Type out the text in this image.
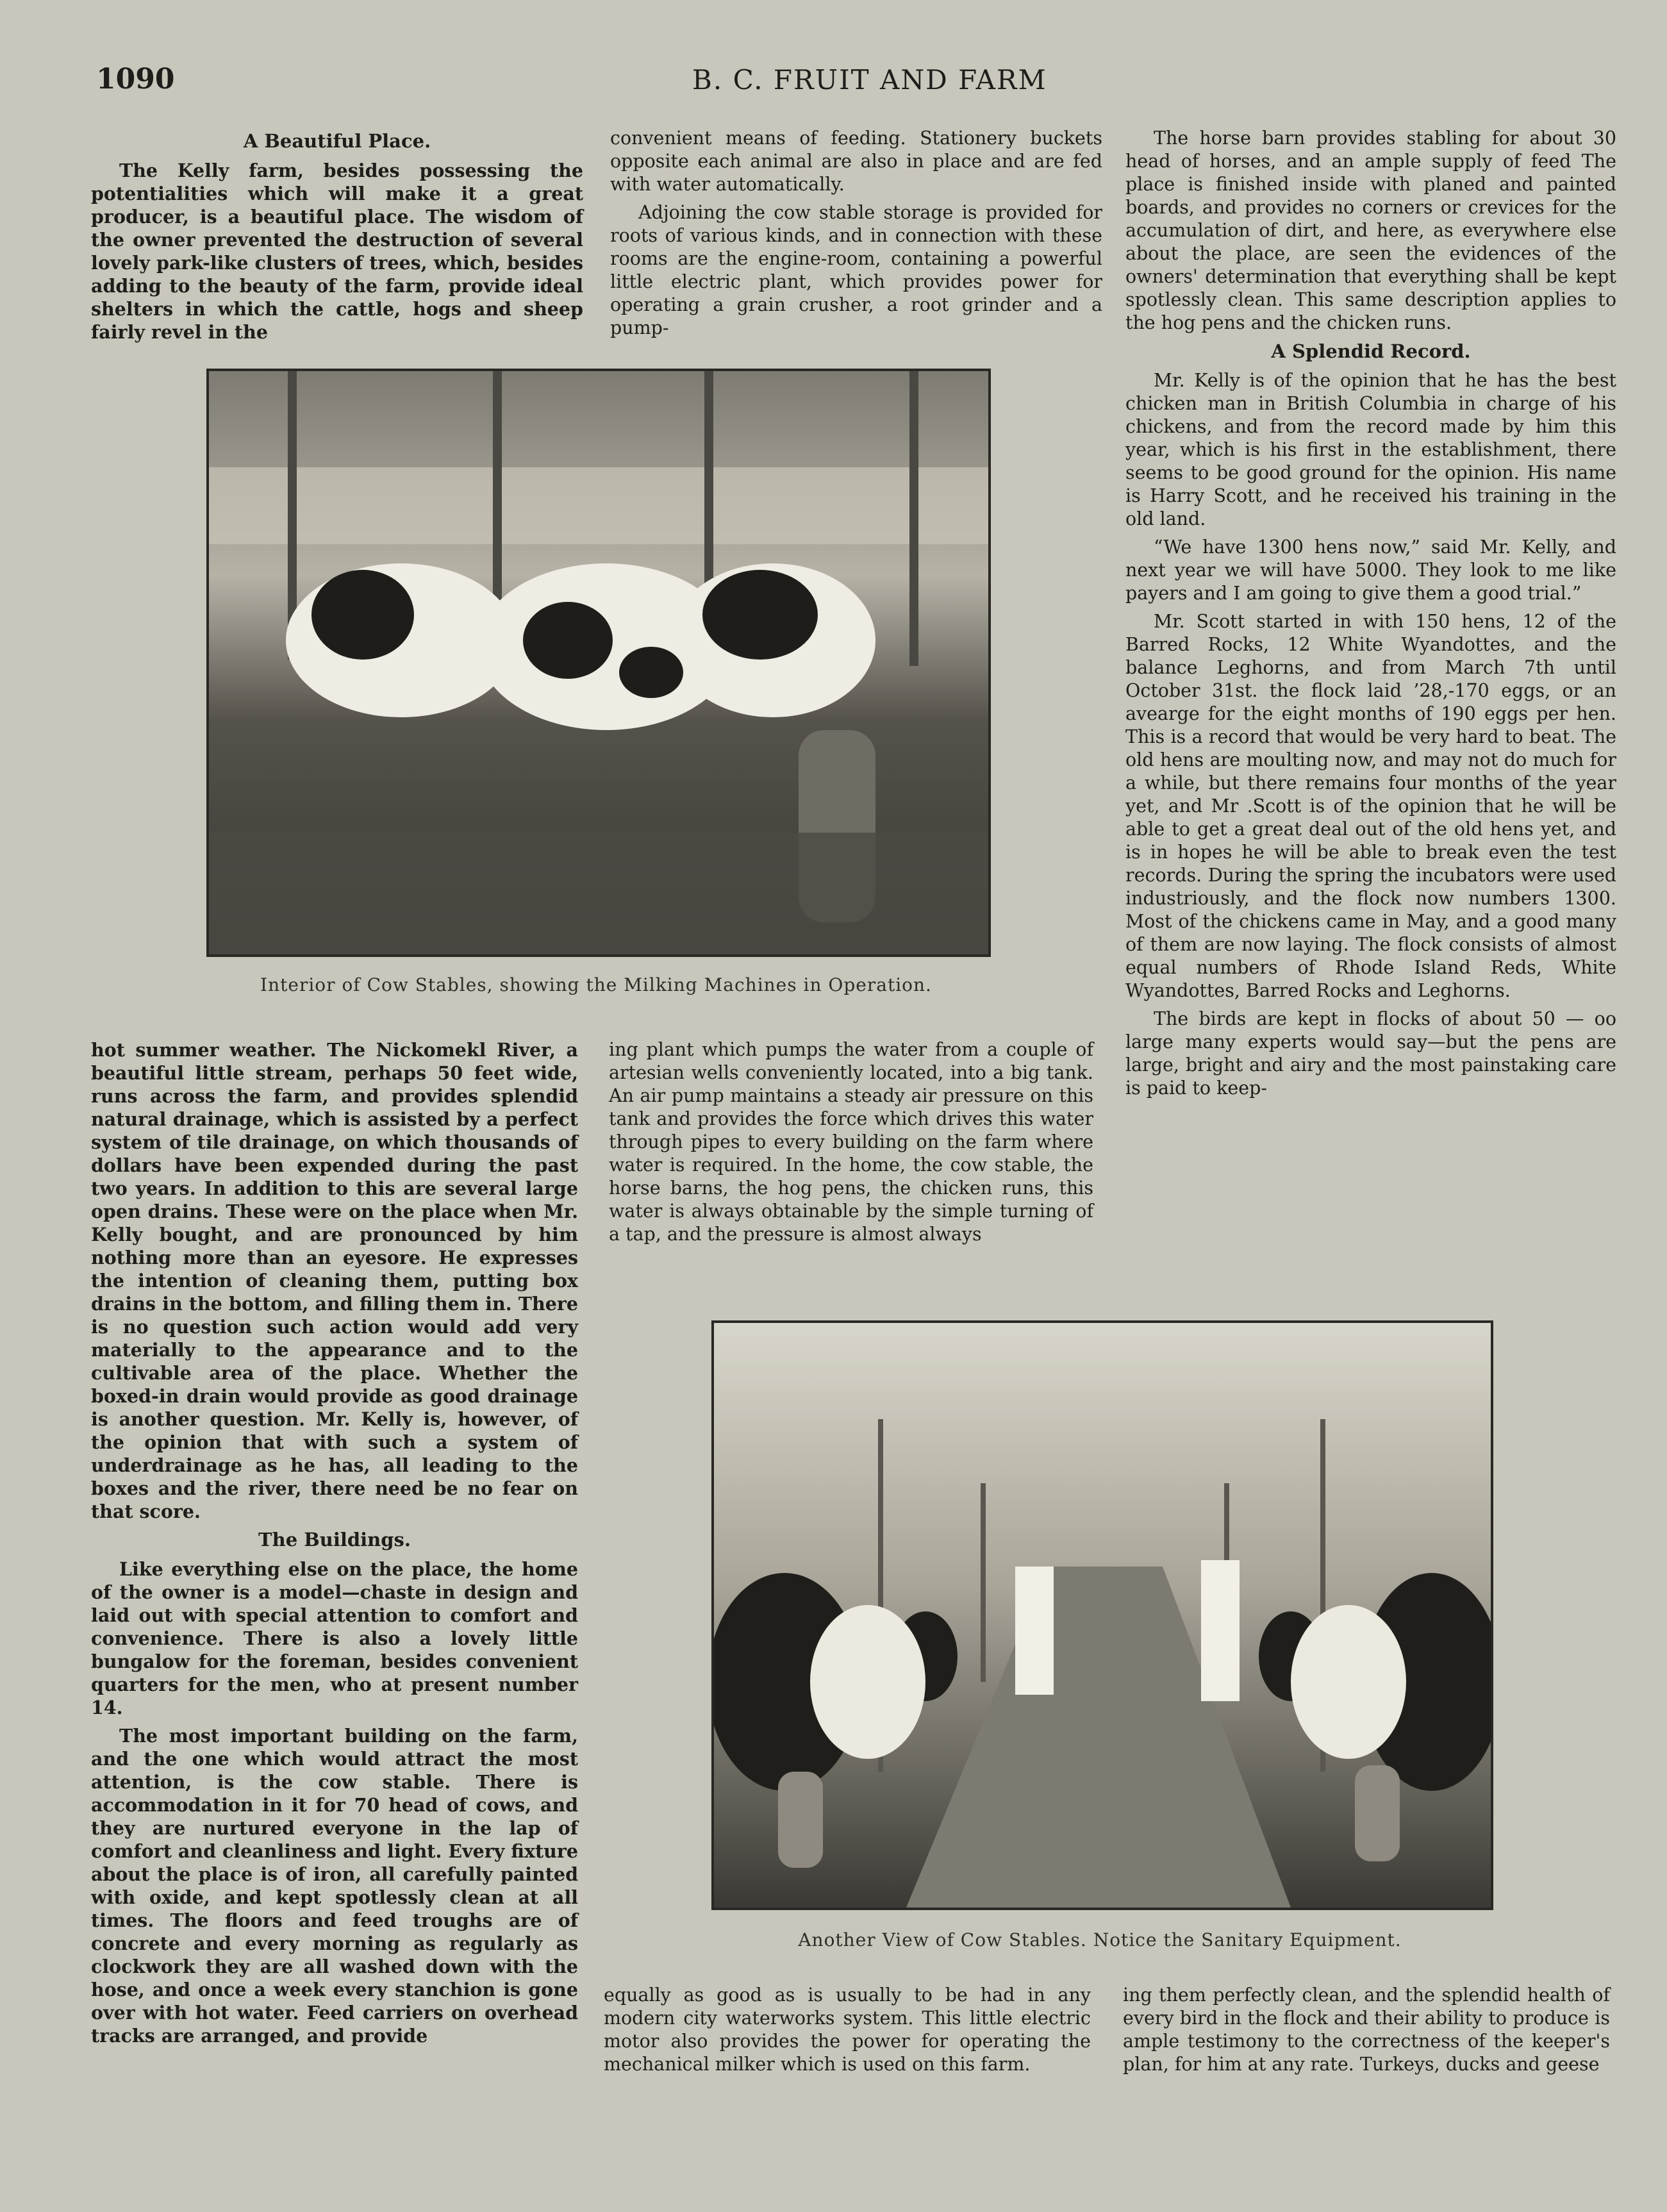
1090	B. C. FRUIT AND FARM
A Beautiful Place.

The Kelly farm, besides possessing the potentialities which will make it a great producer, is a beautiful place. The wisdom of the owner prevented the destruction of several lovely park-like clusters of trees, which, besides adding to the beauty of the farm, provide ideal shelters in which the cattle, hogs and sheep fairly revel in the

convenient means of feeding. Stationery buckets opposite each animal are also in place and are fed with water automatically.

Adjoining the cow stable storage is provided for roots of various kinds, and in connection with these rooms are the engine-room, containing a powerful little electric plant, which provides power for operating a grain crusher, a root grinder and a pump-

The horse barn provides stabling for about 30 head of horses, and an ample supply of feed The place is finished inside with planed and painted boards, and provides no corners or crevices for the accumulation of dirt, and here, as everywhere else about the place, are seen the evidences of the owners' determination that everything shall be kept spotlessly clean. This same description applies to the hog pens and the chicken runs.

A Splendid Record.

Mr. Kelly is of the opinion that he has the best chicken man in British Columbia in charge of his chickens, and from the record made by him this year, which is his first in the establishment, there seems to be good ground for the opinion. His name is Harry Scott, and he received his training in the old land.

“We have 1300 hens now,” said Mr. Kelly, and next year we will have 5000. They look to me like payers and I am going to give them a good trial.”

Mr. Scott started in with 150 hens, 12 of the Barred Rocks, 12 White Wyandottes, and the balance Leghorns, and from March 7th until October 31st. the flock laid ’28,-170 eggs, or an avearge for the eight months of 190 eggs per hen. This is a record that would be very hard to beat. The old hens are moulting now, and may not do much for a while, but there remains four months of the year yet, and Mr .Scott is of the opinion that he will be able to get a great deal out of the old hens yet, and is in hopes he will be able to break even the test records. During the spring the incubators were used industriously, and the flock now numbers 1300. Most of the chickens came in May, and a good many of them are now laying. The flock consists of almost equal numbers of Rhode Island Reds, White Wyandottes, Barred Rocks and Leghorns.

The birds are kept in flocks of about 50 — oo large many experts would say—but the pens are large, bright and airy and the most painstaking care is paid to keep-

Interior of Cow Stables, showing the Milking Machines in Operation.

hot summer weather. The Nickomekl River, a beautiful little stream, perhaps 50 feet wide, runs across the farm, and provides splendid natural drainage, which is assisted by a perfect system of tile drainage, on which thousands of dollars have been expended during the past two years. In addition to this are several large open drains. These were on the place when Mr. Kelly bought, and are pronounced by him nothing more than an eyesore. He expresses the intention of cleaning them, putting box drains in the bottom, and filling them in. There is no question such action would add very materially to the appearance and to the cultivable area of the place. Whether the boxed-in drain would provide as good drainage is another question. Mr. Kelly is, however, of the opinion that with such a system of underdrainage as he has, all leading to the boxes and the river, there need be no fear on that score.

The Buildings.

Like everything else on the place, the home of the owner is a model—chaste in design and laid out with special attention to comfort and convenience. There is also a lovely little bungalow for the foreman, besides convenient quarters for the men, who at present number 14.

The most important building on the farm, and the one which would attract the most attention, is the cow stable. There is accommodation in it for 70 head of cows, and they are nurtured everyone in the lap of comfort and cleanliness and light. Every fixture about the place is of iron, all carefully painted with oxide, and kept spotlessly clean at all times. The floors and feed troughs are of concrete and every morning as regularly as clockwork they are all washed down with the hose, and once a week every stanchion is gone over with hot water. Feed carriers on overhead tracks are arranged, and provide

ing plant which pumps the water from a couple of artesian wells conveniently located, into a big tank. An air pump maintains a steady air pressure on this tank and provides the force which drives this water through pipes to every building on the farm where water is required. In the home, the cow stable, the horse barns, the hog pens, the chicken runs, this water is always obtainable by the simple turning of a tap, and the pressure is almost always

Another View of Cow Stables. Notice the Sanitary Equipment.

equally as good as is usually to be had in any modern city waterworks system. This little electric motor also provides the power for operating the mechanical milker which is used on this farm.

ing them perfectly clean, and the splendid health of every bird in the flock and their ability to produce is ample testimony to the correctness of the keeper's plan, for him at any rate. Turkeys, ducks and geese
